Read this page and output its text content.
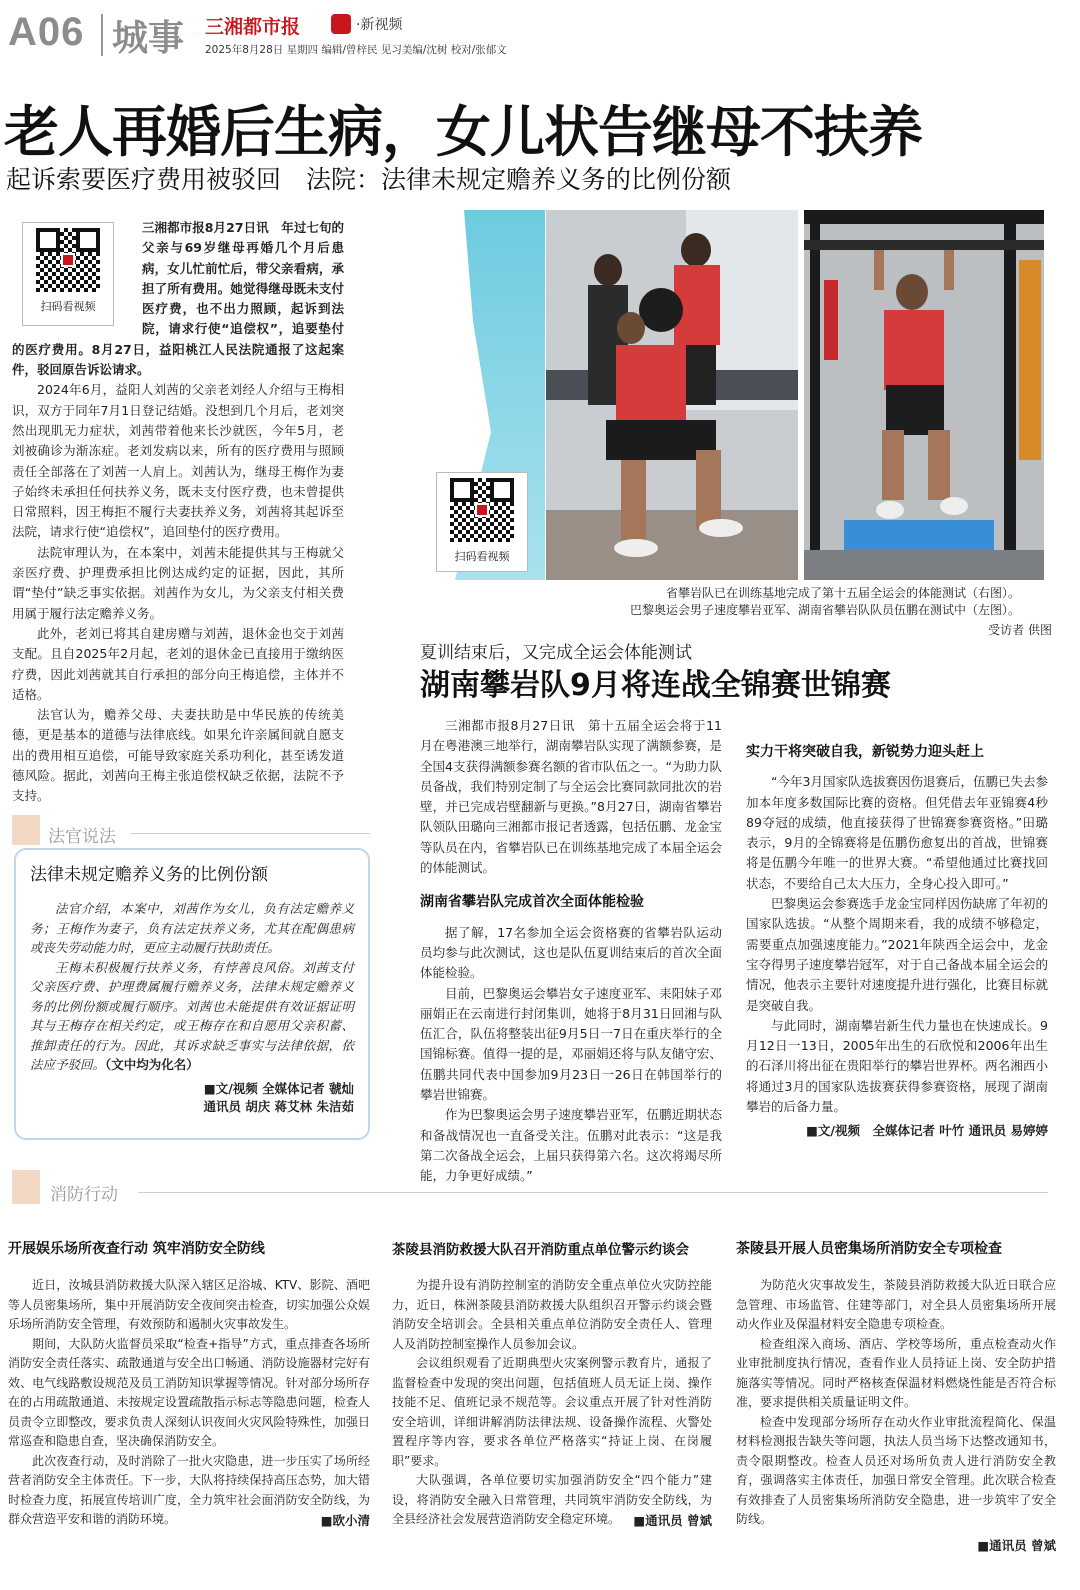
A06 城事 三湘都市报	·新视频
2025年8月28日 星期四 编辑/曾梓民 见习美编/沈树 校对/张郁文
老人再婚后生病，女儿状告继母不扶养
起诉索要医疗费用被驳回　法院：法律未规定赡养义务的比例份额
扫码看视频

三湘都市报8月27日讯　年过七旬的父亲与69岁继母再婚几个月后患病，女儿忙前忙后，带父亲看病，承担了所有费用。她觉得继母既未支付医疗费，也不出力照顾，起诉到法院，请求行使“追偿权”，追要垫付的医疗费用。8月27日，益阳桃江人民法院通报了这起案件，驳回原告诉讼请求。

2024年6月，益阳人刘茜的父亲老刘经人介绍与王梅相识，双方于同年7月1日登记结婚。没想到几个月后，老刘突然出现肌无力症状，刘茜带着他来长沙就医，今年5月，老刘被确诊为渐冻症。老刘发病以来，所有的医疗费用与照顾责任全部落在了刘茜一人肩上。刘茜认为，继母王梅作为妻子始终未承担任何扶养义务，既未支付医疗费，也未曾提供日常照料，因王梅拒不履行夫妻扶养义务，刘茜将其起诉至法院，请求行使“追偿权”，追回垫付的医疗费用。

法院审理认为，在本案中，刘茜未能提供其与王梅就父亲医疗费、护理费承担比例达成约定的证据，因此，其所谓“垫付”缺乏事实依据。刘茜作为女儿，为父亲支付相关费用属于履行法定赡养义务。

此外，老刘已将其自建房赠与刘茜，退休金也交于刘茜支配。且自2025年2月起，老刘的退休金已直接用于缴纳医疗费，因此刘茜就其自行承担的部分向王梅追偿，主体并不适格。

法官认为，赡养父母、夫妻扶助是中华民族的传统美德，更是基本的道德与法律底线。如果允许亲属间就自愿支出的费用相互追偿，可能导致家庭关系功利化，甚至诱发道德风险。据此，刘茜向王梅主张追偿权缺乏依据，法院不予支持。

法官说法
法律未规定赡养义务的比例份额

法官介绍，本案中，刘茜作为女儿，负有法定赡养义务；王梅作为妻子，负有法定扶养义务，尤其在配偶患病或丧失劳动能力时，更应主动履行扶助责任。

王梅未积极履行扶养义务，有悖善良风俗。刘茜支付父亲医疗费、护理费属履行赡养义务，法律未规定赡养义务的比例份额或履行顺序。刘茜也未能提供有效证据证明其与王梅存在相关约定，或王梅存在和自愿用父亲积蓄、推卸责任的行为。因此，其诉求缺乏事实与法律依据，依法应予驳回。（文中均为化名）

■文/视频 全媒体记者 虢灿
通讯员 胡庆 蒋艾林 朱洁茹
扫码看视频
省攀岩队已在训练基地完成了第十五届全运会的体能测试（右图）。
巴黎奥运会男子速度攀岩亚军、湖南省攀岩队队员伍鹏在测试中（左图）。
受访者 供图
夏训结束后，又完成全运会体能测试
湖南攀岩队9月将连战全锦赛世锦赛

三湘都市报8月27日讯　第十五届全运会将于11月在粤港澳三地举行，湖南攀岩队实现了满额参赛，是全国4支获得满额参赛名额的省市队伍之一。“为助力队员备战，我们特别定制了与全运会比赛同款同批次的岩壁，并已完成岩壁翻新与更换。”8月27日，湖南省攀岩队领队田璐向三湘都市报记者透露，包括伍鹏、龙金宝等队员在内，省攀岩队已在训练基地完成了本届全运会的体能测试。

湖南省攀岩队完成首次全面体能检验

据了解，17名参加全运会资格赛的省攀岩队运动员均参与此次测试，这也是队伍夏训结束后的首次全面体能检验。

目前，巴黎奥运会攀岩女子速度亚军、耒阳妹子邓丽娟正在云南进行封闭集训，她将于8月31日回湘与队伍汇合，队伍将整装出征9月5日一7日在重庆举行的全国锦标赛。值得一提的是，邓丽娟还将与队友储守宏、伍鹏共同代表中国参加9月23日一26日在韩国举行的攀岩世锦赛。

作为巴黎奥运会男子速度攀岩亚军，伍鹏近期状态和备战情况也一直备受关注。伍鹏对此表示：“这是我第二次备战全运会，上届只获得第六名。这次将竭尽所能，力争更好成绩。”

实力干将突破自我，新锐势力迎头赶上

“今年3月国家队选拔赛因伤退赛后，伍鹏已失去参加本年度多数国际比赛的资格。但凭借去年亚锦赛4秒89夺冠的成绩，他直接获得了世锦赛参赛资格。”田璐表示，9月的全锦赛将是伍鹏伤愈复出的首战，世锦赛将是伍鹏今年唯一的世界大赛。“希望他通过比赛找回状态，不要给自己太大压力，全身心投入即可。”

巴黎奥运会参赛选手龙金宝同样因伤缺席了年初的国家队选拔。“从整个周期来看，我的成绩不够稳定，需要重点加强速度能力。”2021年陕西全运会中，龙金宝夺得男子速度攀岩冠军，对于自己备战本届全运会的情况，他表示主要针对速度提升进行强化，比赛目标就是突破自我。

与此同时，湖南攀岩新生代力量也在快速成长。9月12日一13日，2005年出生的石欣悦和2006年出生的石泽川将出征在贵阳举行的攀岩世界杯。两名湘西小将通过3月的国家队选拔赛获得参赛资格，展现了湖南攀岩的后备力量。

■文/视频　全媒体记者 叶竹 通讯员 易婷婷

消防行动
开展娱乐场所夜查行动 筑牢消防安全防线

近日，汝城县消防救援大队深入辖区足浴城、KTV、影院、酒吧等人员密集场所，集中开展消防安全夜间突击检查，切实加强公众娱乐场所消防安全管理，有效预防和遏制火灾事故发生。

期间，大队防火监督员采取“检查+指导”方式，重点排查各场所消防安全责任落实、疏散通道与安全出口畅通、消防设施器材完好有效、电气线路敷设规范及员工消防知识掌握等情况。针对部分场所存在的占用疏散通道、未按规定设置疏散指示标志等隐患问题，检查人员责令立即整改，要求负责人深刻认识夜间火灾风险特殊性，加强日常巡查和隐患自查，坚决确保消防安全。

此次夜查行动，及时消除了一批火灾隐患，进一步压实了场所经营者消防安全主体责任。下一步，大队将持续保持高压态势，加大错时检查力度，拓展宣传培训广度，全力筑牢社会面消防安全防线，为群众营造平安和谐的消防环境。	■欧小清
茶陵县消防救援大队召开消防重点单位警示约谈会

为提升设有消防控制室的消防安全重点单位火灾防控能力，近日，株洲茶陵县消防救援大队组织召开警示约谈会暨消防安全培训会。全县相关重点单位消防安全责任人、管理人及消防控制室操作人员参加会议。

会议组织观看了近期典型火灾案例警示教育片，通报了监督检查中发现的突出问题，包括值班人员无证上岗、操作技能不足、值班记录不规范等。会议重点开展了针对性消防安全培训，详细讲解消防法律法规、设备操作流程、火警处置程序等内容，要求各单位严格落实“持证上岗、在岗履职”要求。

大队强调，各单位要切实加强消防安全“四个能力”建设，将消防安全融入日常管理，共同筑牢消防安全防线，为全县经济社会发展营造消防安全稳定环境。	■通讯员 曾斌
茶陵县开展人员密集场所消防安全专项检查

为防范火灾事故发生，茶陵县消防救援大队近日联合应急管理、市场监管、住建等部门，对全县人员密集场所开展动火作业及保温材料安全隐患专项检查。

检查组深入商场、酒店、学校等场所，重点检查动火作业审批制度执行情况，查看作业人员持证上岗、安全防护措施落实等情况。同时严格核查保温材料燃烧性能是否符合标准，要求提供相关质量证明文件。

检查中发现部分场所存在动火作业审批流程简化、保温材料检测报告缺失等问题，执法人员当场下达整改通知书，责令限期整改。检查人员还对场所负责人进行消防安全教育，强调落实主体责任，加强日常安全管理。此次联合检查有效排查了人员密集场所消防安全隐患，进一步筑牢了安全防线。

■通讯员 曾斌
